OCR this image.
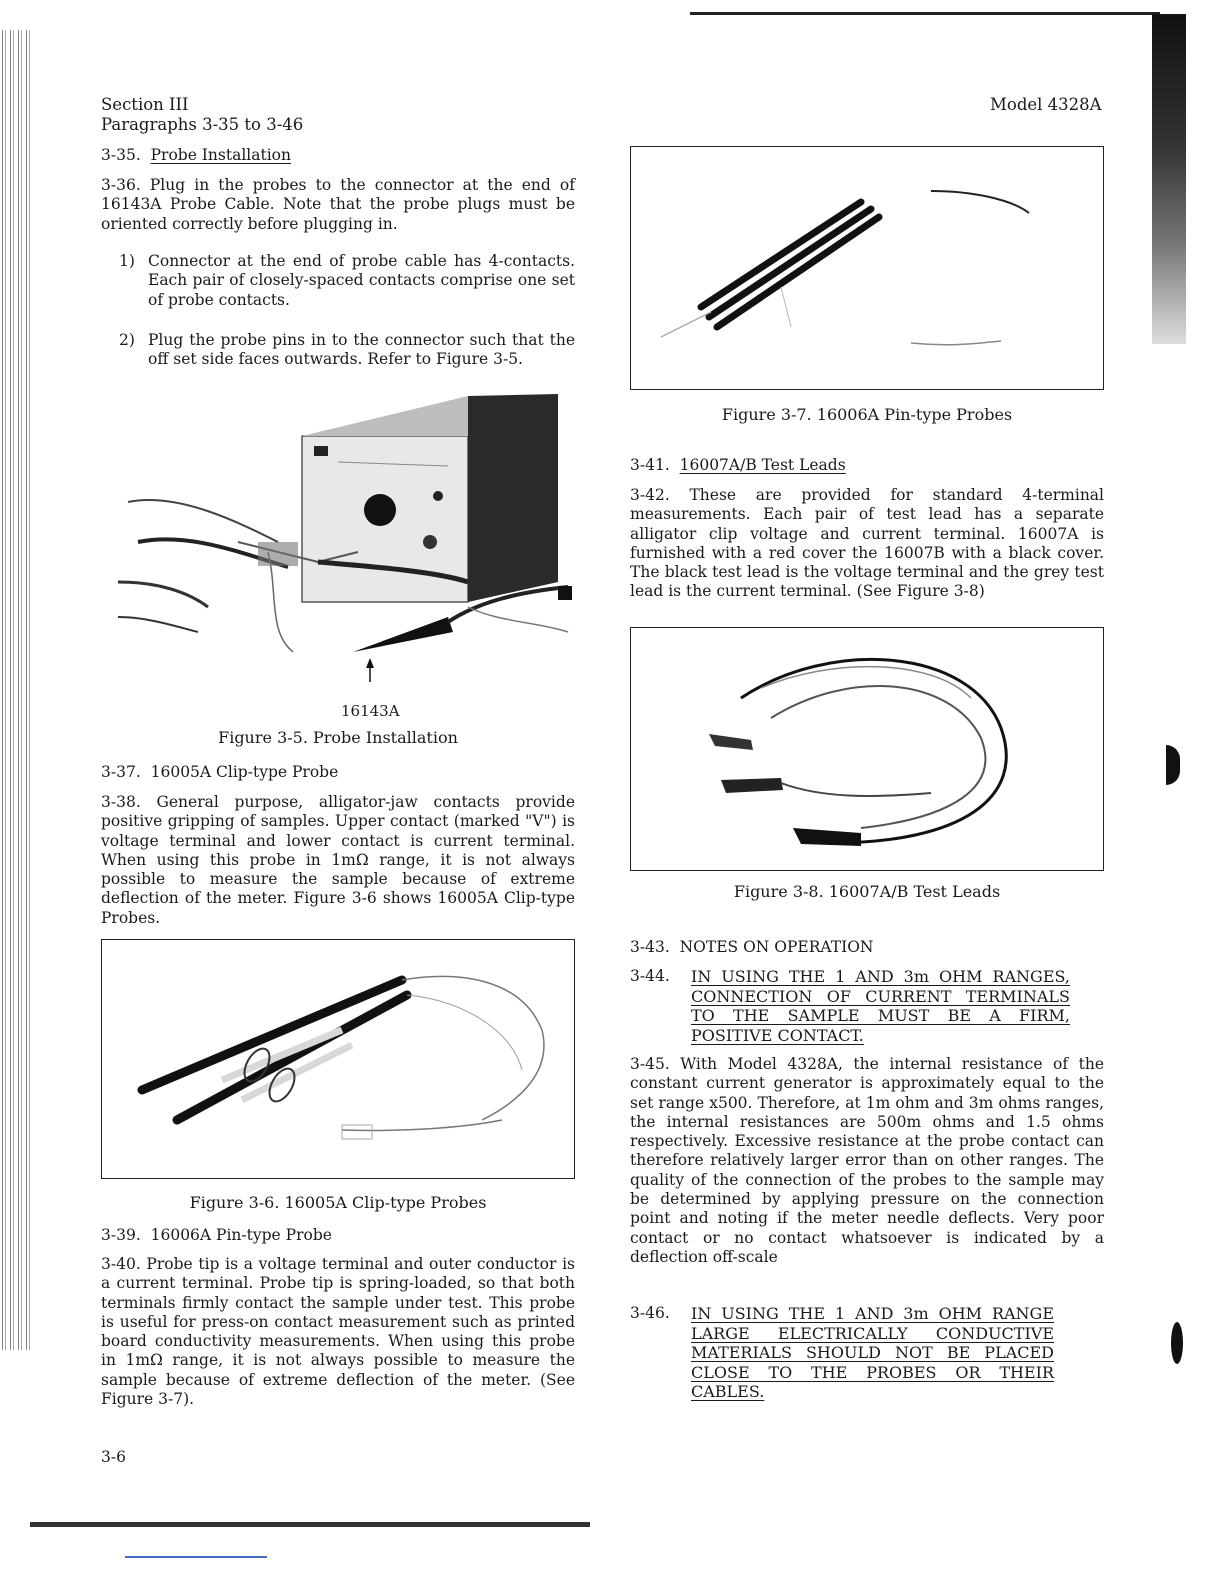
Section III
Paragraphs 3-35 to 3-46
Model 4328A
3-35. Probe Installation
3-36. Plug in the probes to the connector at the end of 16143A Probe Cable. Note that the probe plugs must be oriented correctly before plugging in.
1) Connector at the end of probe cable has 4-contacts. Each pair of closely-spaced contacts comprise one set of probe contacts.
2) Plug the probe pins in to the connector such that the off set side faces outwards. Refer to Figure 3-5.
16143A
Figure 3-5. Probe Installation
3-37. 16005A Clip-type Probe
3-38. General purpose, alligator-jaw contacts provide positive gripping of samples. Upper contact (marked "V") is voltage terminal and lower contact is current terminal. When using this probe in 1mΩ range, it is not always possible to measure the sample because of extreme deflection of the meter. Figure 3-6 shows 16005A Clip-type Probes.
Figure 3-6. 16005A Clip-type Probes
3-39. 16006A Pin-type Probe
3-40. Probe tip is a voltage terminal and outer conductor is a current terminal. Probe tip is spring-loaded, so that both terminals firmly contact the sample under test. This probe is useful for press-on contact measurement such as printed board conductivity measurements. When using this probe in 1mΩ range, it is not always possible to measure the sample because of extreme deflection of the meter. (See Figure 3-7).
3-6
Figure 3-7. 16006A Pin-type Probes
3-41. 16007A/B Test Leads
3-42. These are provided for standard 4-terminal measurements. Each pair of test lead has a separate alligator clip voltage and current terminal. 16007A is furnished with a red cover the 16007B with a black cover. The black test lead is the voltage terminal and the grey test lead is the current terminal. (See Figure 3-8)
Figure 3-8. 16007A/B Test Leads
3-43. NOTES ON OPERATION
3-44. IN USING THE 1 AND 3m OHM RANGES,
CONNECTION OF CURRENT TERMINALS
TO THE SAMPLE MUST BE A FIRM,
POSITIVE CONTACT.
3-45. With Model 4328A, the internal resistance of the constant current generator is approximately equal to the set range x500. Therefore, at 1m ohm and 3m ohms ranges, the internal resistances are 500m ohms and 1.5 ohms respectively. Excessive resistance at the probe contact can therefore relatively larger error than on other ranges. The quality of the connection of the probes to the sample may be determined by applying pressure on the connection point and noting if the meter needle deflects. Very poor contact or no contact whatsoever is indicated by a deflection off-scale
3-46. IN USING THE 1 AND 3m OHM RANGE
LARGE ELECTRICALLY CONDUCTIVE
MATERIALS SHOULD NOT BE PLACED
CLOSE TO THE PROBES OR THEIR
CABLES.
